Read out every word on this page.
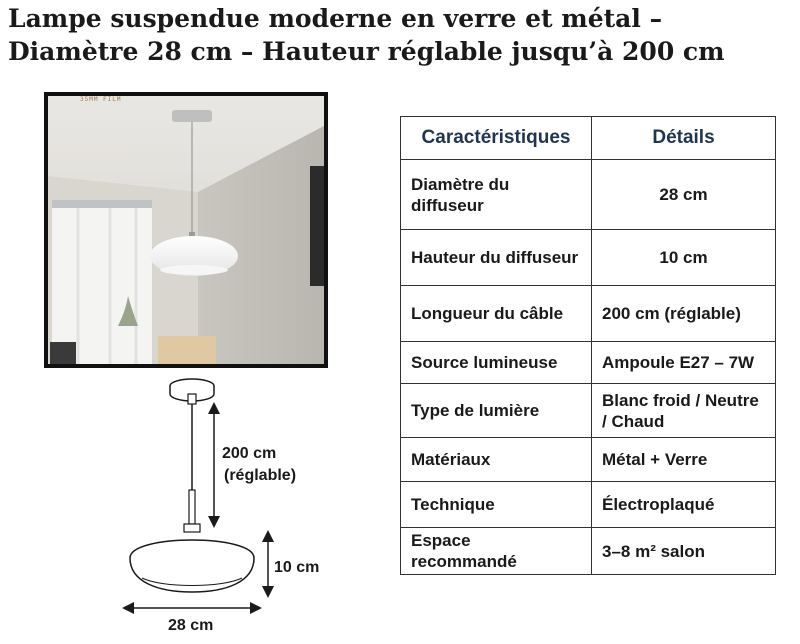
Lampe suspendue moderne en verre et métal – Diamètre 28 cm – Hauteur réglable jusqu’à 200 cm
35MM FILM
200 cm
(réglable)
10 cm
28 cm
Caractéristiques	Détails
Diamètre du diffuseur	28 cm
Hauteur du diffuseur	10 cm
Longueur du câble	200 cm (réglable)
Source lumineuse	Ampoule E27 – 7W
Type de lumière	Blanc froid / Neutre / Chaud
Matériaux	Métal + Verre
Technique	Électroplaqué
Espace recommandé	3–8 m² salon
